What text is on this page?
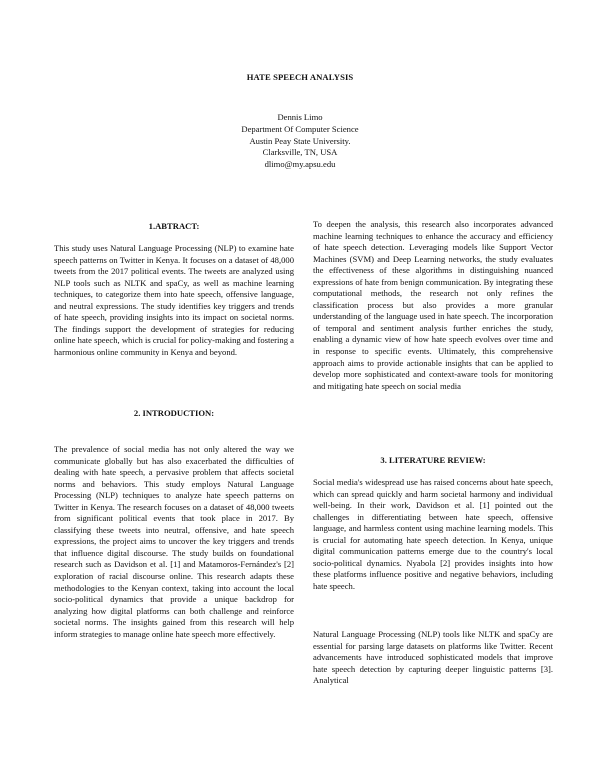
HATE SPEECH ANALYSIS
Dennis Limo
Department Of Computer Science
Austin Peay State University.
Clarksville, TN, USA
dlimo@my.apsu.edu
1.ABTRACT:
This study uses Natural Language Processing (NLP) to examine hate speech patterns on Twitter in Kenya. It focuses on a dataset of 48,000 tweets from the 2017 political events. The tweets are analyzed using NLP tools such as NLTK and spaCy, as well as machine learning techniques, to categorize them into hate speech, offensive language, and neutral expressions. The study identifies key triggers and trends of hate speech, providing insights into its impact on societal norms. The findings support the development of strategies for reducing online hate speech, which is crucial for policy-making and fostering a harmonious online community in Kenya and beyond.
2. INTRODUCTION:
The prevalence of social media has not only altered the way we communicate globally but has also exacerbated the difficulties of dealing with hate speech, a pervasive problem that affects societal norms and behaviors. This study employs Natural Language Processing (NLP) techniques to analyze hate speech patterns on Twitter in Kenya. The research focuses on a dataset of 48,000 tweets from significant political events that took place in 2017. By classifying these tweets into neutral, offensive, and hate speech expressions, the project aims to uncover the key triggers and trends that influence digital discourse. The study builds on foundational research such as Davidson et al. [1] and Matamoros-Fernández's [2] exploration of racial discourse online. This research adapts these methodologies to the Kenyan context, taking into account the local socio-political dynamics that provide a unique backdrop for analyzing how digital platforms can both challenge and reinforce societal norms. The insights gained from this research will help inform strategies to manage online hate speech more effectively.
To deepen the analysis, this research also incorporates advanced machine learning techniques to enhance the accuracy and efficiency of hate speech detection. Leveraging models like Support Vector Machines (SVM) and Deep Learning networks, the study evaluates the effectiveness of these algorithms in distinguishing nuanced expressions of hate from benign communication. By integrating these computational methods, the research not only refines the classification process but also provides a more granular understanding of the language used in hate speech. The incorporation of temporal and sentiment analysis further enriches the study, enabling a dynamic view of how hate speech evolves over time and in response to specific events. Ultimately, this comprehensive approach aims to provide actionable insights that can be applied to develop more sophisticated and context-aware tools for monitoring and mitigating hate speech on social media
3. LITERATURE REVIEW:
Social media's widespread use has raised concerns about hate speech, which can spread quickly and harm societal harmony and individual well-being. In their work, Davidson et al. [1] pointed out the challenges in differentiating between hate speech, offensive language, and harmless content using machine learning models. This is crucial for automating hate speech detection. In Kenya, unique digital communication patterns emerge due to the country's local socio-political dynamics. Nyabola [2] provides insights into how these platforms influence positive and negative behaviors, including hate speech.
Natural Language Processing (NLP) tools like NLTK and spaCy are essential for parsing large datasets on platforms like Twitter. Recent advancements have introduced sophisticated models that improve hate speech detection by capturing deeper linguistic patterns [3]. Analytical
